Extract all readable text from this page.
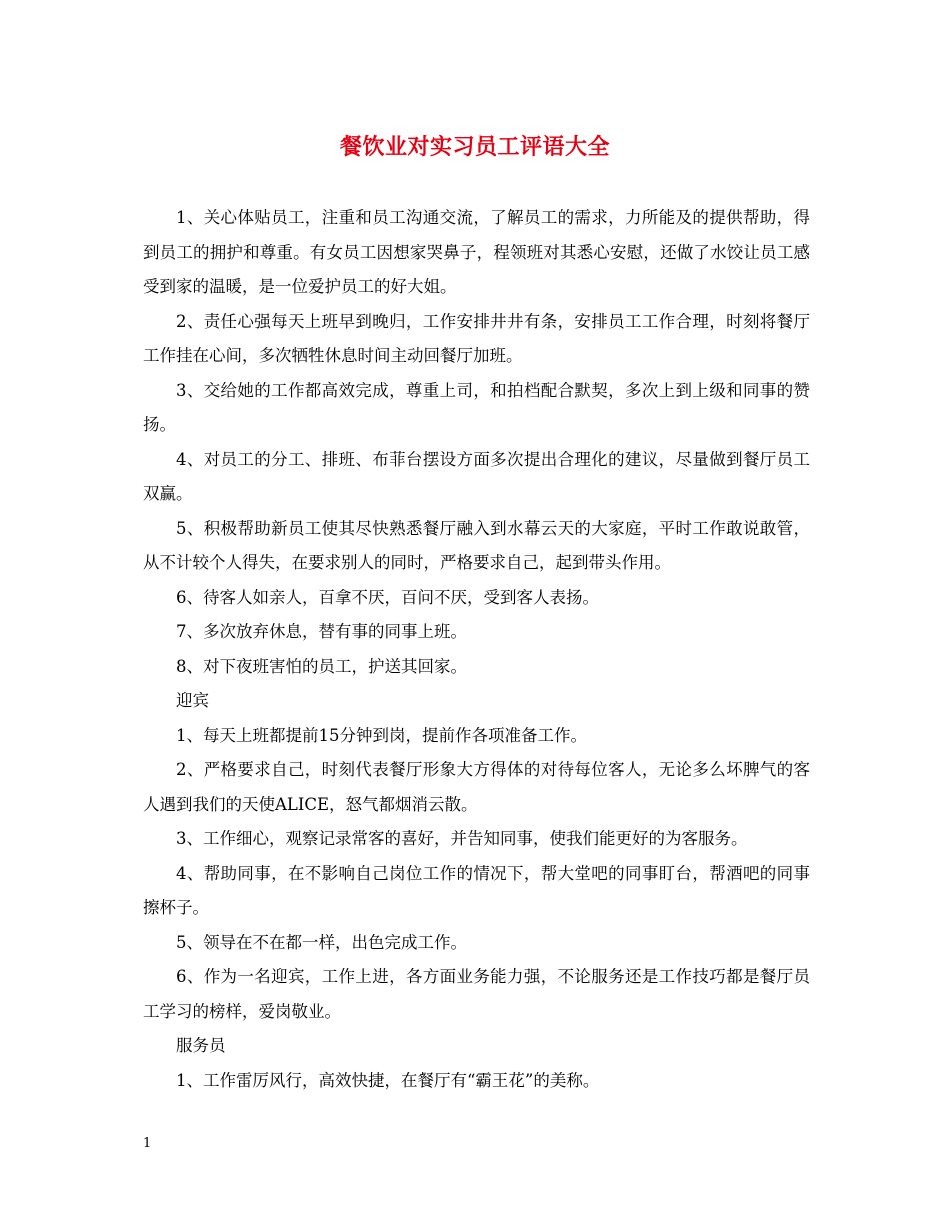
餐饮业对实习员工评语大全

1、关心体贴员工，注重和员工沟通交流，了解员工的需求，力所能及的提供帮助，得到员工的拥护和尊重。有女员工因想家哭鼻子，程领班对其悉心安慰，还做了水饺让员工感受到家的温暖，是一位爱护员工的好大姐。

2、责任心强每天上班早到晚归，工作安排井井有条，安排员工工作合理，时刻将餐厅工作挂在心间，多次牺牲休息时间主动回餐厅加班。

3、交给她的工作都高效完成，尊重上司，和拍档配合默契，多次上到上级和同事的赞扬。

4、对员工的分工、排班、布菲台摆设方面多次提出合理化的建议，尽量做到餐厅员工双赢。

5、积极帮助新员工使其尽快熟悉餐厅融入到水幕云天的大家庭，平时工作敢说敢管，从不计较个人得失，在要求别人的同时，严格要求自己，起到带头作用。

6、待客人如亲人，百拿不厌，百问不厌，受到客人表扬。

7、多次放弃休息，替有事的同事上班。

8、对下夜班害怕的员工，护送其回家。

迎宾

1、每天上班都提前15分钟到岗，提前作各项准备工作。

2、严格要求自己，时刻代表餐厅形象大方得体的对待每位客人，无论多么坏脾气的客人遇到我们的天使ALICE，怒气都烟消云散。

3、工作细心，观察记录常客的喜好，并告知同事，使我们能更好的为客服务。

4、帮助同事，在不影响自己岗位工作的情况下，帮大堂吧的同事盯台，帮酒吧的同事擦杯子。

5、领导在不在都一样，出色完成工作。

6、作为一名迎宾，工作上进，各方面业务能力强，不论服务还是工作技巧都是餐厅员工学习的榜样，爱岗敬业。

服务员

1、工作雷厉风行，高效快捷，在餐厅有“霸王花”的美称。

1
